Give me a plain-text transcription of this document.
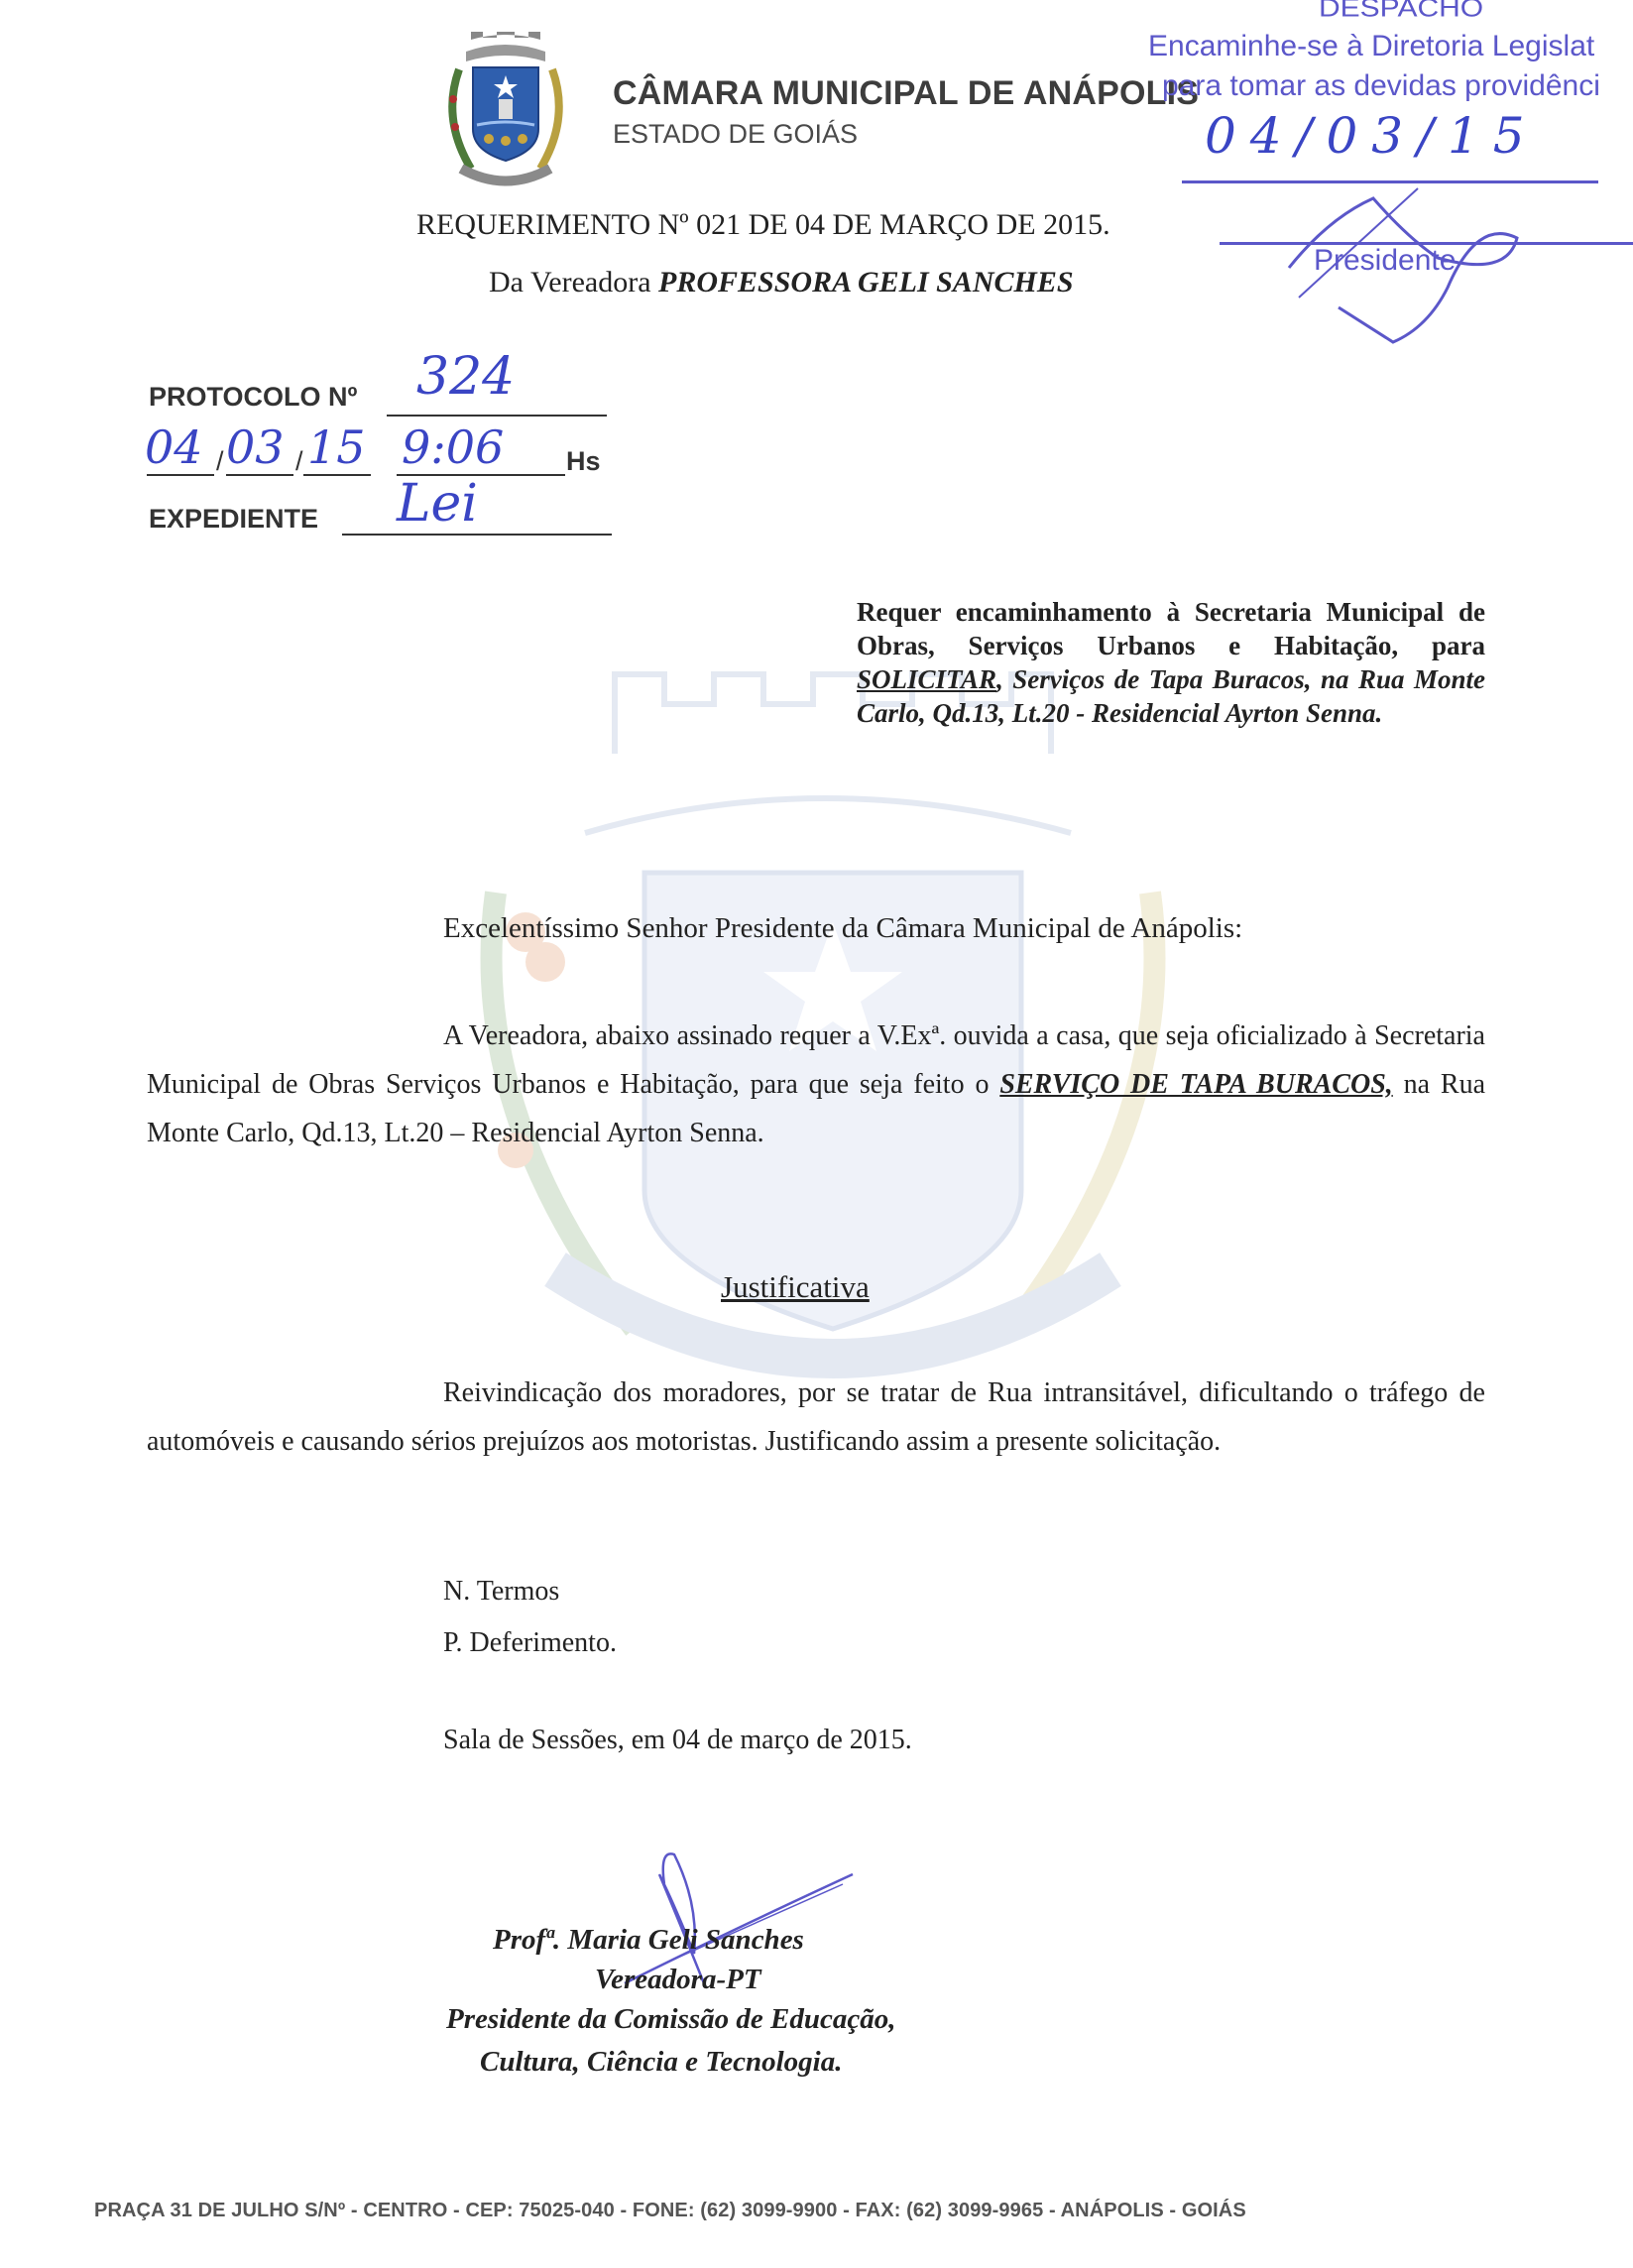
CÂMARA MUNICIPAL DE ANÁPOLIS
ESTADO DE GOIÁS
DESPACHO
Encaminhe-se à Diretoria Legislat
para tomar as devidas providênci
04/03/15
Presidente
REQUERIMENTO Nº 021 DE 04 DE MARÇO DE 2015.
Da Vereadora PROFESSORA GELI SANCHES
PROTOCOLO Nº 324
/	/
04 03 15 9:06 Hs
EXPEDIENTE Lei
Requer encaminhamento à Secretaria Municipal de Obras, Serviços Urbanos e Habitação, para SOLICITAR, Serviços de Tapa Buracos, na Rua Monte Carlo, Qd.13, Lt.20 - Residencial Ayrton Senna.
Excelentíssimo Senhor Presidente da Câmara Municipal de Anápolis:
A Vereadora, abaixo assinado requer a V.Exª. ouvida a casa, que seja oficializado à Secretaria Municipal de Obras Serviços Urbanos e Habitação, para que seja feito o SERVIÇO DE TAPA BURACOS, na Rua Monte Carlo, Qd.13, Lt.20 – Residencial Ayrton Senna.
Justificativa
Reivindicação dos moradores, por se tratar de Rua intransitável, dificultando o tráfego de automóveis e causando sérios prejuízos aos motoristas. Justificando assim a presente solicitação.
N. Termos
P. Deferimento.
Sala de Sessões, em 04 de março de 2015.
Profª. Maria Geli Sanches
Vereadora-PT
Presidente da Comissão de Educação,
Cultura, Ciência e Tecnologia.
PRAÇA 31 DE JULHO S/Nº - CENTRO - CEP: 75025-040 - FONE: (62) 3099-9900 - FAX: (62) 3099-9965 - ANÁPOLIS - GOIÁS
